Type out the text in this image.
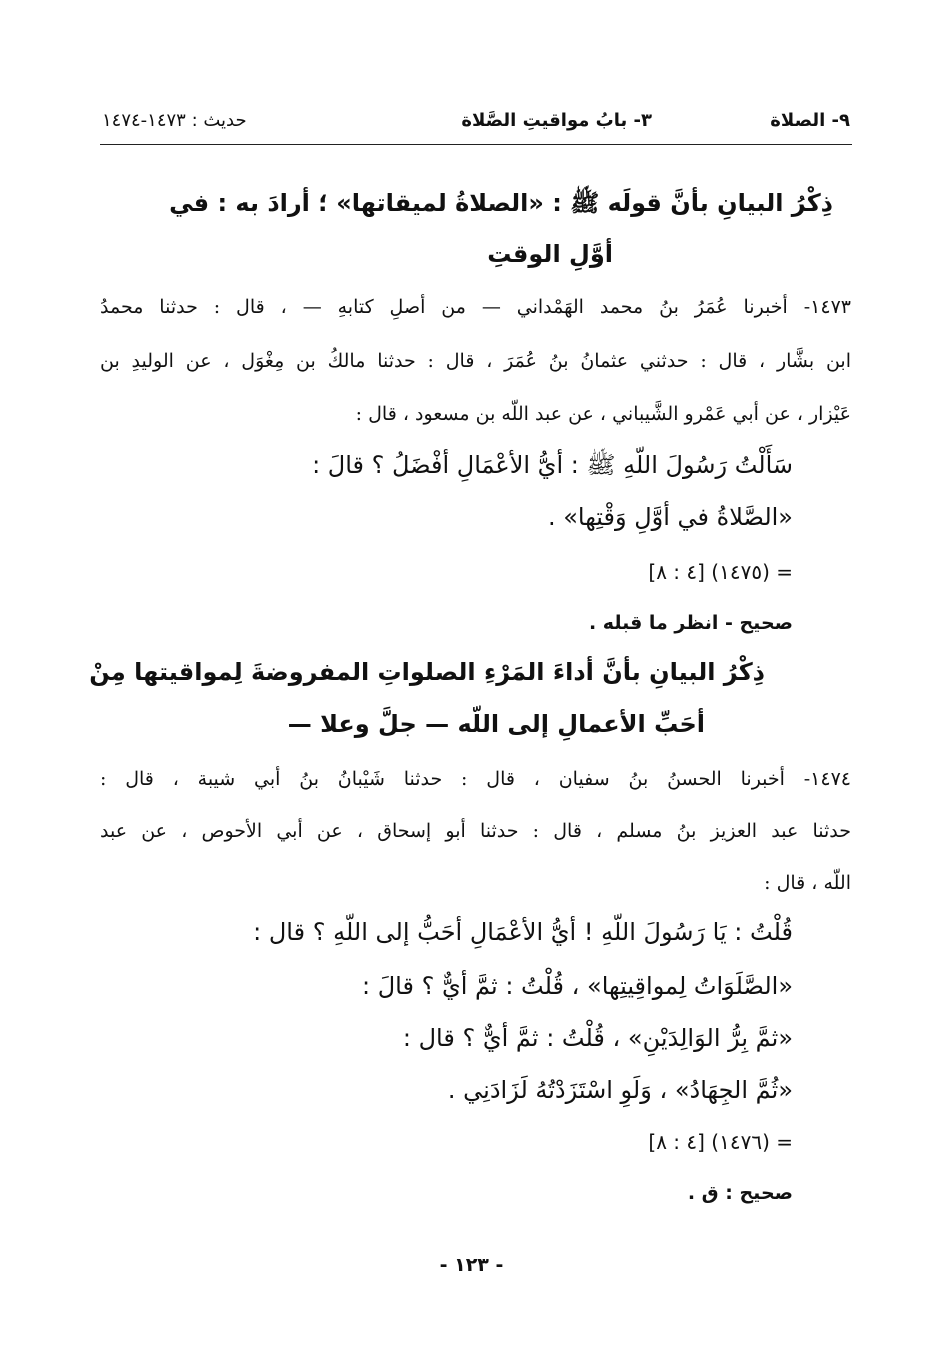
٩- الصلاة
٣- بابُ مواقيتِ الصَّلاة
حديث : ١٤٧٣-١٤٧٤
ذِكْرُ البيانِ بأنَّ قولَه ﷺ : «الصلاةُ لميقاتها» ؛ أرادَ به : في
أوَّلِ الوقتِ
١٤٧٣- أخبرنا عُمَرُ بنُ محمد الهَمْداني — من أصلِ كتابهِ — ، قال : حدثنا محمدُ
ابن بشَّار ، قال : حدثني عثمانُ بنُ عُمَرَ ، قال : حدثنا مالكُ بن مِغْوَل ، عن الوليدِ بن
عَيْزار ، عن أبي عَمْرو الشَّيباني ، عن عبد اللّه بن مسعود ، قال :
سَأَلْتُ رَسُولَ اللّهِ ﷺ : أيُّ الأعْمَالِ أفْضَلُ ؟ قالَ :
«الصَّلاةُ في أوَّلِ وَقْتِها» .
= (١٤٧٥) [٤ : ٨]
صحيح - انظر ما قبله .
ذِكْرُ البيانِ بأنَّ أداءَ المَرْءِ الصلواتِ المفروضةَ لِمواقيتها مِنْ
أحَبِّ الأعمالِ إلى اللّه — جلَّ وعلا —
١٤٧٤- أخبرنا الحسنُ بنُ سفيان ، قال : حدثنا شَيْبانُ بنُ أبي شيبة ، قال :
حدثنا عبد العزيز بنُ مسلم ، قال : حدثنا أبو إسحاق ، عن أبي الأحوص ، عن عبد
اللّه ، قال :
قُلْتُ : يَا رَسُولَ اللّهِ ! أيُّ الأعْمَالِ أحَبُّ إلى اللّهِ ؟ قال :
«الصَّلَوَاتُ لِمواقِيتِها» ، قُلْتُ : ثمَّ أيٌّ ؟ قالَ :
«ثمَّ بِرُّ الوَالِدَيْنِ» ، قُلْتُ : ثمَّ أيٌّ ؟ قال :
«ثُمَّ الجِهَادُ» ، وَلَوِ اسْتَزَدْتُهُ لَزَادَنِي .
= (١٤٧٦) [٤ : ٨]
صحيح : ق .
- ١٢٣ -
